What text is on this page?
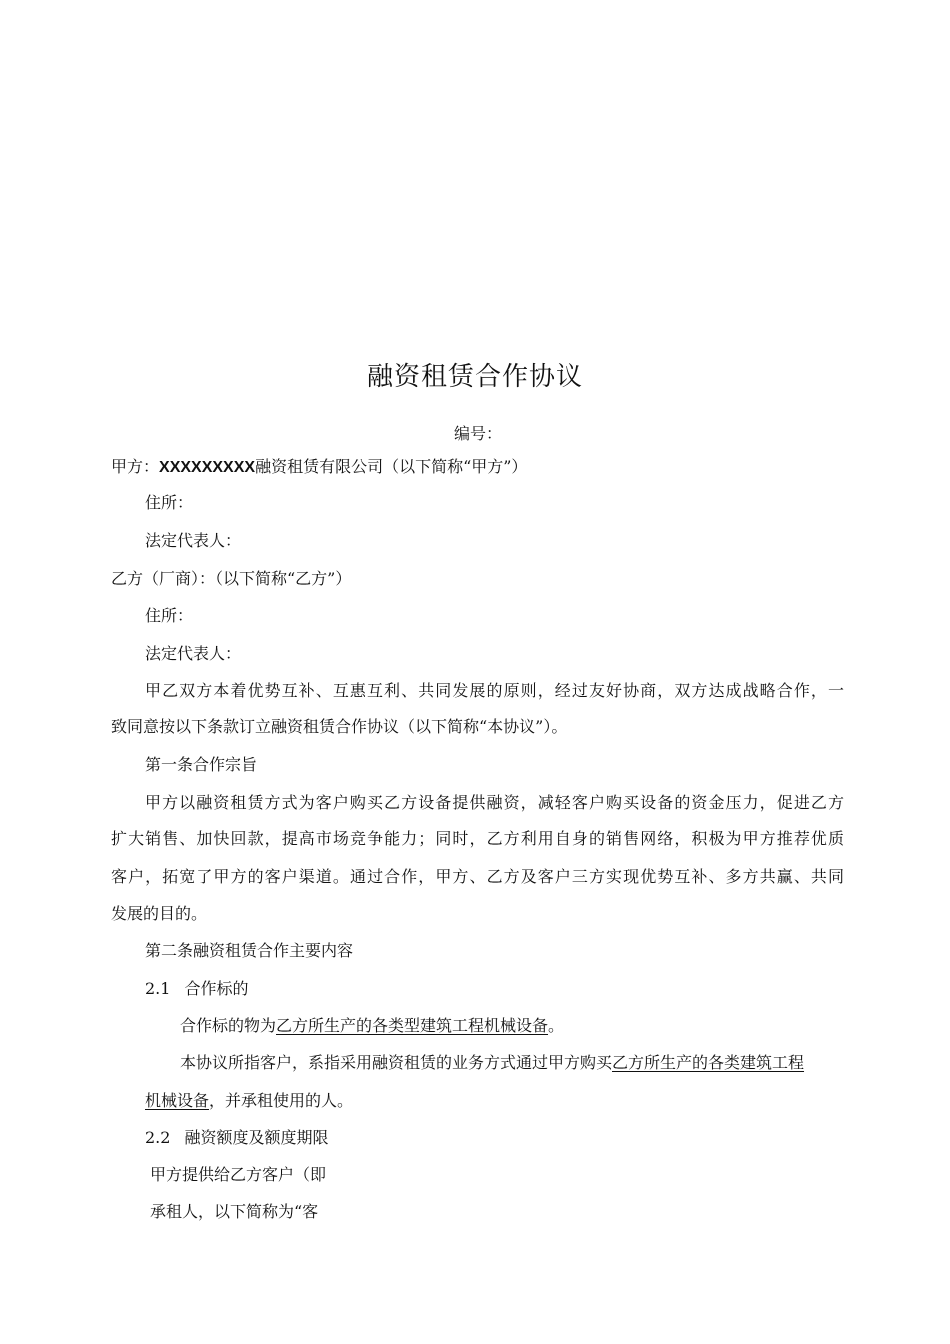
融资租赁合作协议
编号：
甲方：XXXXXXXXX融资租赁有限公司（以下简称“甲方”）
住所：
法定代表人：
乙方（厂商）：（以下简称“乙方”）
住所：
法定代表人：
甲乙双方本着优势互补、互惠互利、共同发展的原则，经过友好协商，双方达成战略合作，一
致同意按以下条款订立融资租赁合作协议（以下简称“本协议”）。
第一条合作宗旨
甲方以融资租赁方式为客户购买乙方设备提供融资，减轻客户购买设备的资金压力，促进乙方
扩大销售、加快回款，提高市场竞争能力；同时，乙方利用自身的销售网络，积极为甲方推荐优质
客户，拓宽了甲方的客户渠道。通过合作，甲方、乙方及客户三方实现优势互补、多方共赢、共同
发展的目的。
第二条融资租赁合作主要内容
2.1 合作标的
合作标的物为乙方所生产的各类型建筑工程机械设备。
本协议所指客户，系指采用融资租赁的业务方式通过甲方购买乙方所生产的各类建筑工程
机械设备，并承租使用的人。
2.2 融资额度及额度期限
甲方提供给乙方客户（即
承租人，以下简称为“客
